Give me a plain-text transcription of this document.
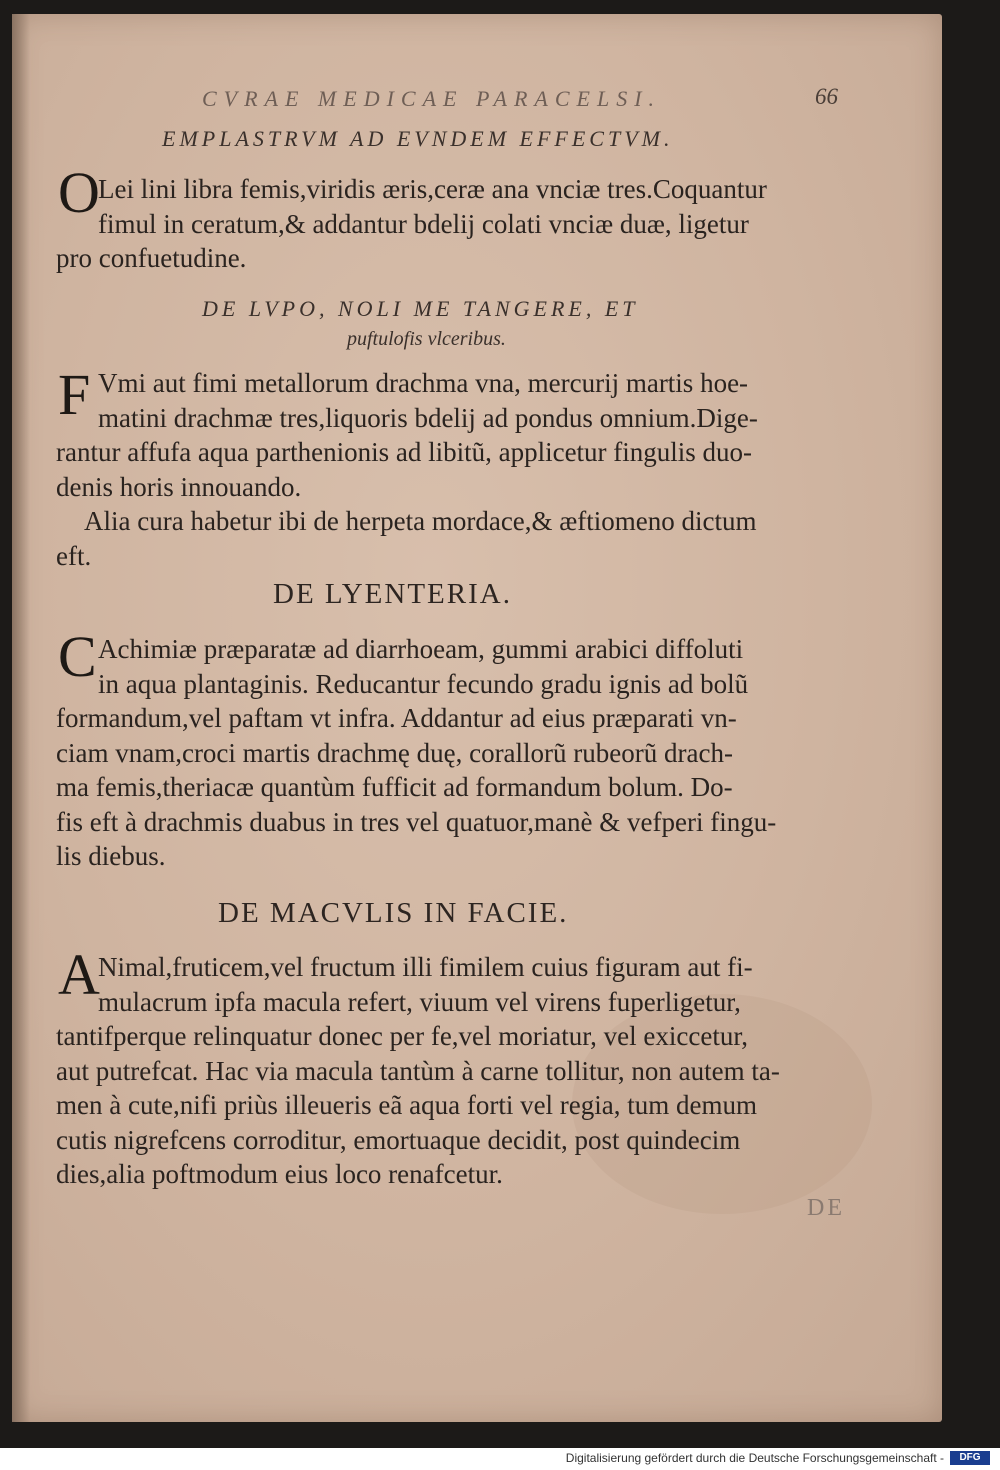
CVRAE MEDICAE PARACELSI.	66
EMPLASTRVM AD EVNDEM EFFECTVM.
O
Lei lini libra femis,viridis æris,ceræ ana vnciæ tres.Coquantur
fimul in ceratum,& addantur bdelij colati vnciæ duæ, ligetur
pro confuetudine.
DE LVPO, NOLI ME TANGERE, ET
puftulofis vlceribus.
F Vmi aut fimi metallorum drachma vna, mercurij martis hoe-
matini drachmæ tres,liquoris bdelij ad pondus omnium.Dige-
rantur affufa aqua parthenionis ad libitũ, applicetur fingulis duo-
denis horis innouando.
Alia cura habetur ibi de herpeta mordace,& æftiomeno dictum
eft.
DE LYENTERIA.
C Achimiæ præparatæ ad diarrhoeam, gummi arabici diffoluti
in aqua plantaginis. Reducantur fecundo gradu ignis ad bolũ
formandum,vel paftam vt infra. Addantur ad eius præparati vn-
ciam vnam,croci martis drachmę duę, corallorũ rubeorũ drach-
ma femis,theriacæ quantùm fufficit ad formandum bolum. Do-
fis eft à drachmis duabus in tres vel quatuor,manè & vefperi fingu-
lis diebus.
DE MACVLIS IN FACIE.
A
Nimal,fruticem,vel fructum illi fimilem cuius figuram aut fi-
mulacrum ipfa macula refert, viuum vel virens fuperligetur,
tantifperque relinquatur donec per fe,vel moriatur, vel exiccetur,
aut putrefcat. Hac via macula tantùm à carne tollitur, non autem ta-
men à cute,nifi priùs illeueris eã aqua forti vel regia, tum demum
cutis nigrefcens corroditur, emortuaque decidit, post quindecim
dies,alia poftmodum eius loco renafcetur.
DE
Digitalisierung gefördert durch die Deutsche Forschungsgemeinschaft -	DFG
